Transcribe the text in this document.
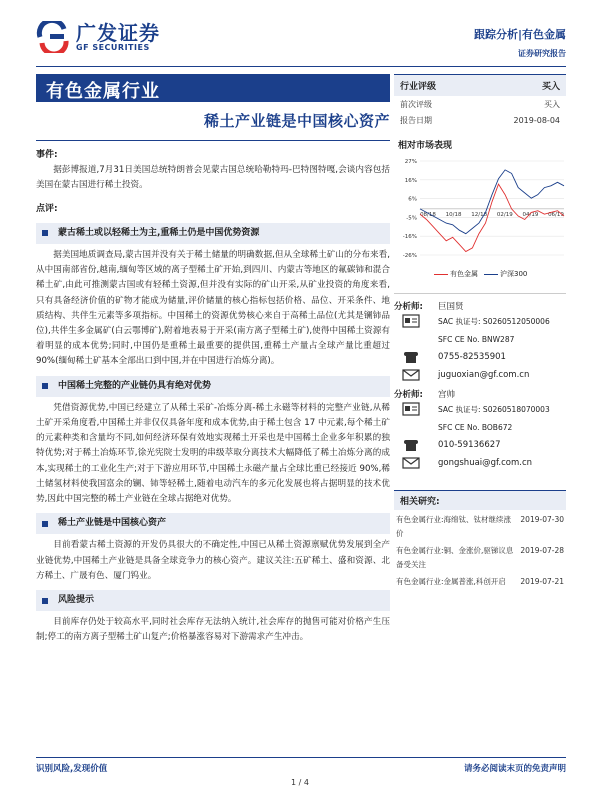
广发证券
GF SECURITIES
跟踪分析|有色金属
证券研究报告
有色金属行业
稀土产业链是中国核心资产
事件:
据彭博报道,7月31日美国总统特朗普会见蒙古国总统哈勒特玛-巴特图特嘎,会谈内容包括美国在蒙古国进行稀土投资。
点评:
蒙古稀土或以轻稀土为主,重稀土仍是中国优势资源
据美国地质调查局,蒙古国并没有关于稀土储量的明确数据,但从全球稀土矿山的分布来看,从中国南部省份,越南,缅甸等区域的离子型稀土矿开始,到四川、内蒙古等地区的氟碳铈和混合稀土矿,由此可推测蒙古国或有轻稀土资源,但并没有实际的矿山开采,从矿业投资的角度来看,只有具备经济价值的矿物才能成为储量,评价储量的核心指标包括价格、品位、开采条件、地质结构、共伴生元素等多项指标。中国稀土的资源优势核心来自于高稀土品位(尤其是镧铈品位),共伴生多金属矿(白云鄂博矿),附着地表易于开采(南方离子型稀土矿),使得中国稀土资源有着明显的成本优势;同时,中国仍是重稀土最重要的提供国,重稀土产量占全球产量比重超过 90%(缅甸稀土矿基本全部出口到中国,并在中国进行冶炼分离)。
中国稀土完整的产业链仍具有绝对优势
凭借资源优势,中国已经建立了从稀土采矿-冶炼分离-稀土永磁等材料的完整产业链,从稀土矿开采角度看,中国稀土并非仅仅具备年度和成本优势,由于稀土包含 17 中元素,每个稀土矿的元素种类和含量均不同,如何经济环保有效地实现稀土开采也是中国稀土企业多年积累的独特优势;对于稀土冶炼环节,徐光宪院士发明的串级萃取分离技术大幅降低了稀土冶炼分离的成本,实现稀土的工业化生产;对于下游应用环节,中国稀土永磁产量占全球比重已经接近 90%,稀土储氢材料使我国富余的镧、铈等轻稀土,随着电动汽车的多元化发展也将占据明显的技术优势,因此中国完整的稀土产业链在全球占据绝对优势。
稀土产业链是中国核心资产
目前看蒙古稀土资源的开发仍具很大的不确定性,中国已从稀土资源禀赋优势发展到全产业链优势,中国稀土产业链是具备全球竞争力的核心资产。建议关注:五矿稀土、盛和资源、北方稀土、广晟有色、厦门钨业。
风险提示
目前库存仍处于较高水平,同时社会库存无法纳入统计,社会库存的抛售可能对价格产生压制;停工的南方离子型稀土矿山复产;价格暴涨容易对下游需求产生冲击。
行业评级	买入
前次评级	买入
报告日期	2019-08-04
相对市场表现
27%
16%
6%
-5%
-16%
-26%
08/18 10/18 12/18 02/19 04/19 06/19
有色金属	沪深300
分析师:	巨国贤
SAC 执证号: S0260512050006
SFC CE No. BNW287
0755-82535901
juguoxian@gf.com.cn
分析师:	宫帅
SAC 执证号: S0260518070003
SFC CE No. BOB672
010-59136627
gongshuai@gf.com.cn
相关研究:
有色金属行业:海绵钛、钛材继续涨价
2019-07-30
有色金属行业:铜、金涨价,驱锑议息备受关注
2019-07-28
有色金属行业:金属普涨,科创开启	2019-07-21
识别风险,发现价值	请务必阅读末页的免责声明
1 / 4
